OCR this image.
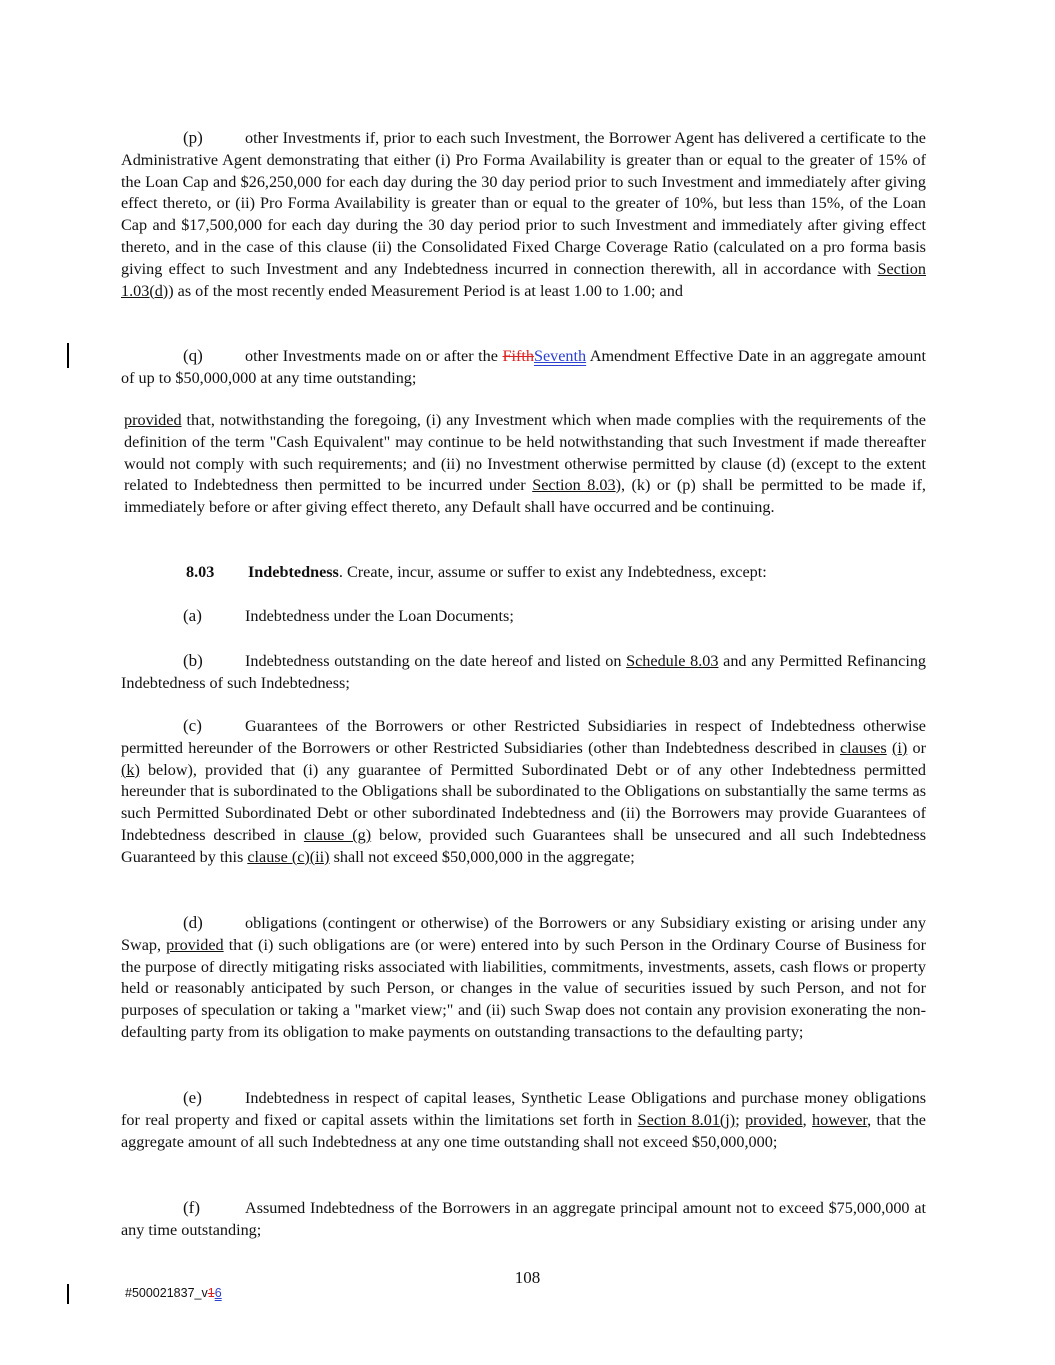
(p)	other Investments if, prior to each such Investment, the Borrower Agent has delivered a certificate to the Administrative Agent demonstrating that either (i) Pro Forma Availability is greater than or equal to the greater of 15% of the Loan Cap and $26,250,000 for each day during the 30 day period prior to such Investment and immediately after giving effect thereto, or (ii) Pro Forma Availability is greater than or equal to the greater of 10%, but less than 15%, of the Loan Cap and $17,500,000 for each day during the 30 day period prior to such Investment and immediately after giving effect thereto, and in the case of this clause (ii) the Consolidated Fixed Charge Coverage Ratio (calculated on a pro forma basis giving effect to such Investment and any Indebtedness incurred in connection therewith, all in accordance with Section 1.03(d)) as of the most recently ended Measurement Period is at least 1.00 to 1.00; and
(q)	other Investments made on or after the FifthSeventh Amendment Effective Date in an aggregate amount of up to $50,000,000 at any time outstanding;
provided that, notwithstanding the foregoing, (i) any Investment which when made complies with the requirements of the definition of the term "Cash Equivalent" may continue to be held notwithstanding that such Investment if made thereafter would not comply with such requirements; and (ii) no Investment otherwise permitted by clause (d) (except to the extent related to Indebtedness then permitted to be incurred under Section 8.03), (k) or (p) shall be permitted to be made if, immediately before or after giving effect thereto, any Default shall have occurred and be continuing.
8.03 Indebtedness. Create, incur, assume or suffer to exist any Indebtedness, except:
(a)	Indebtedness under the Loan Documents;
(b)	Indebtedness outstanding on the date hereof and listed on Schedule 8.03 and any Permitted Refinancing Indebtedness of such Indebtedness;
(c)	Guarantees of the Borrowers or other Restricted Subsidiaries in respect of Indebtedness otherwise permitted hereunder of the Borrowers or other Restricted Subsidiaries (other than Indebtedness described in clauses (i) or (k) below), provided that (i) any guarantee of Permitted Subordinated Debt or of any other Indebtedness permitted hereunder that is subordinated to the Obligations shall be subordinated to the Obligations on substantially the same terms as such Permitted Subordinated Debt or other subordinated Indebtedness and (ii) the Borrowers may provide Guarantees of Indebtedness described in clause (g) below, provided such Guarantees shall be unsecured and all such Indebtedness Guaranteed by this clause (c)(ii) shall not exceed $50,000,000 in the aggregate;
(d)	obligations (contingent or otherwise) of the Borrowers or any Subsidiary existing or arising under any Swap, provided that (i) such obligations are (or were) entered into by such Person in the Ordinary Course of Business for the purpose of directly mitigating risks associated with liabilities, commitments, investments, assets, cash flows or property held or reasonably anticipated by such Person, or changes in the value of securities issued by such Person, and not for purposes of speculation or taking a "market view;" and (ii) such Swap does not contain any provision exonerating the non-defaulting party from its obligation to make payments on outstanding transactions to the defaulting party;
(e)	Indebtedness in respect of capital leases, Synthetic Lease Obligations and purchase money obligations for real property and fixed or capital assets within the limitations set forth in Section 8.01(j); provided, however, that the aggregate amount of all such Indebtedness at any one time outstanding shall not exceed $50,000,000;
(f)	Assumed Indebtedness of the Borrowers in an aggregate principal amount not to exceed $75,000,000 at any time outstanding;
108
#500021837_v16
